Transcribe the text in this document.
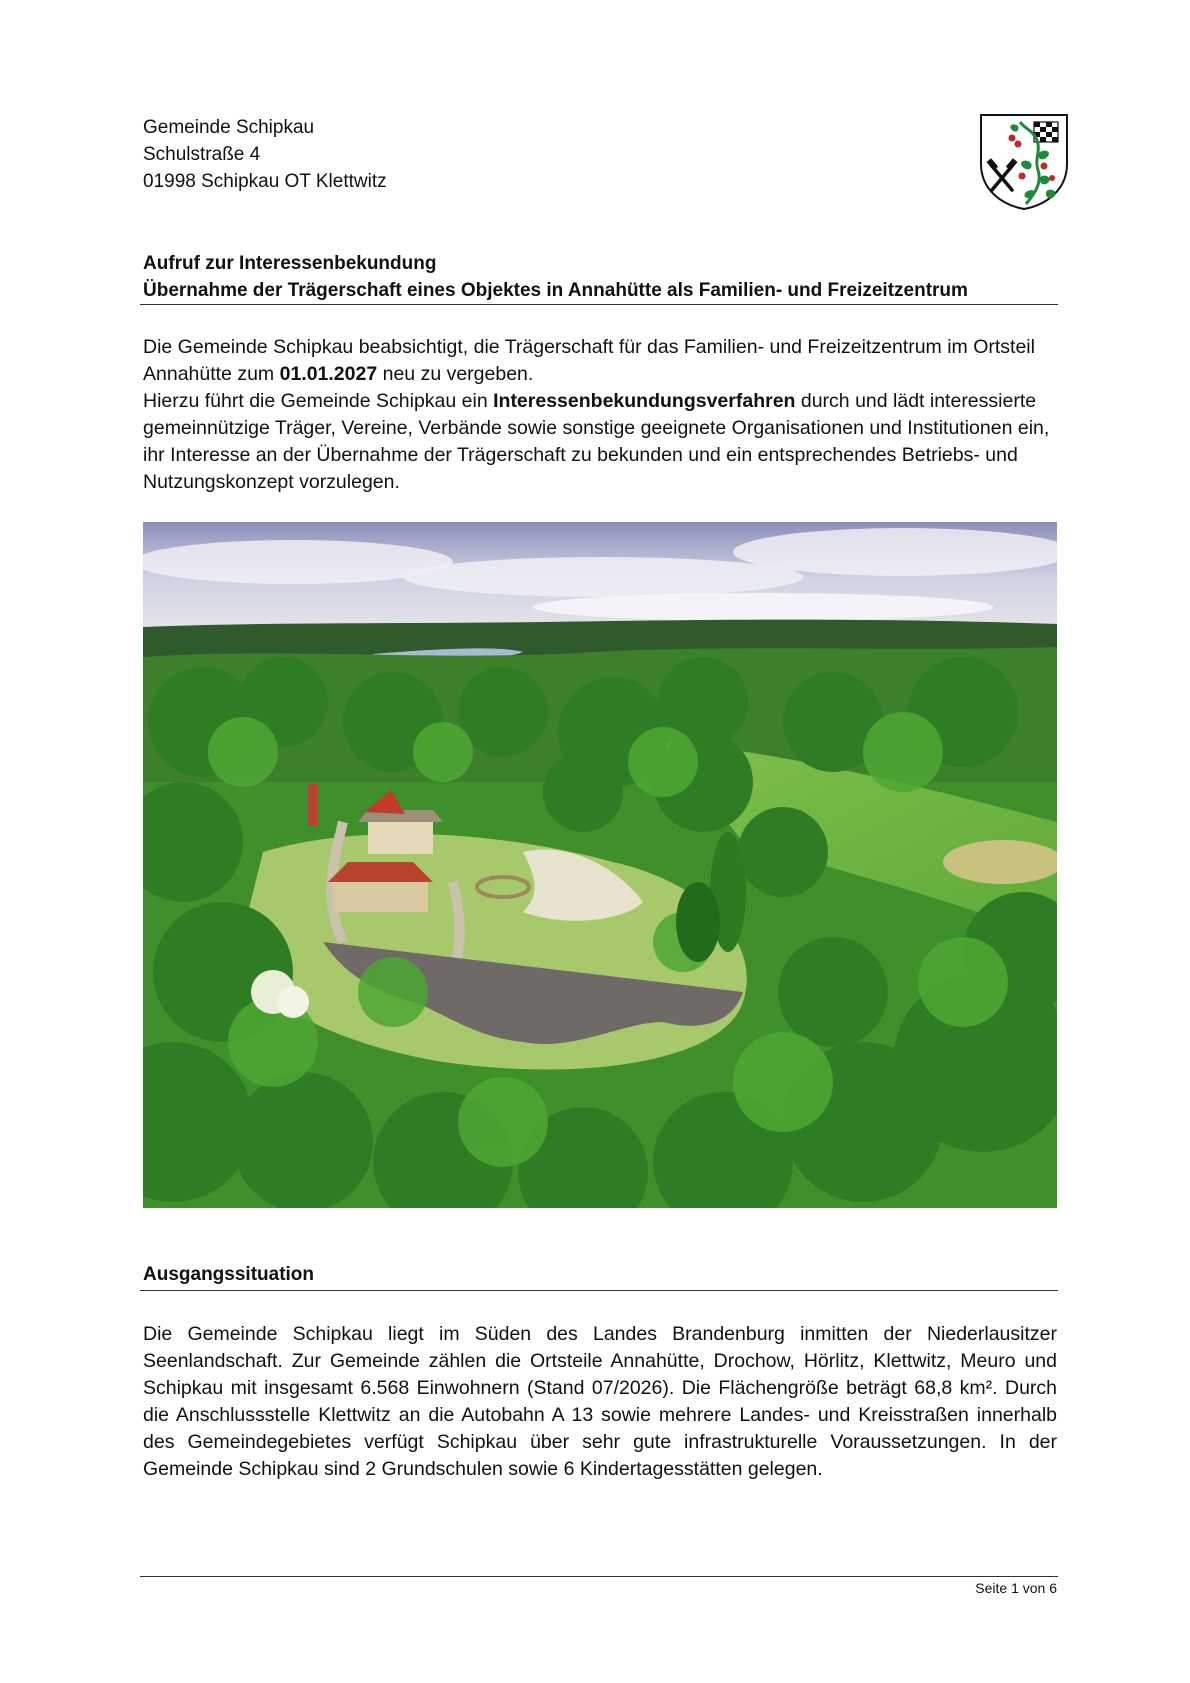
Gemeinde Schipkau
Schulstraße 4
01998 Schipkau OT Klettwitz
Aufruf zur Interessenbekundung
Übernahme der Trägerschaft eines Objektes in Annahütte als Familien- und Freizeitzentrum

Die Gemeinde Schipkau beabsichtigt, die Trägerschaft für das Familien- und Freizeitzentrum im Ortsteil Annahütte zum 01.01.2027 neu zu vergeben.

Hierzu führt die Gemeinde Schipkau ein Interessenbekundungsverfahren durch und lädt interessierte gemeinnützige Träger, Vereine, Verbände sowie sonstige geeignete Organisationen und Institutionen ein, ihr Interesse an der Übernahme der Trägerschaft zu bekunden und ein entsprechendes Betriebs- und Nutzungskonzept vorzulegen.

Ausgangssituation

Die Gemeinde Schipkau liegt im Süden des Landes Brandenburg inmitten der Niederlausitzer Seenlandschaft. Zur Gemeinde zählen die Ortsteile Annahütte, Drochow, Hörlitz, Klettwitz, Meuro und Schipkau mit insgesamt 6.568 Einwohnern (Stand 07/2026). Die Flächengröße beträgt 68,8 km². Durch die Anschlussstelle Klettwitz an die Autobahn A 13 sowie mehrere Landes- und Kreisstraßen innerhalb des Gemeindegebietes verfügt Schipkau über sehr gute infrastrukturelle Voraussetzungen. In der Gemeinde Schipkau sind 2 Grundschulen sowie 6 Kindertagesstätten gelegen.

Seite 1 von 6
